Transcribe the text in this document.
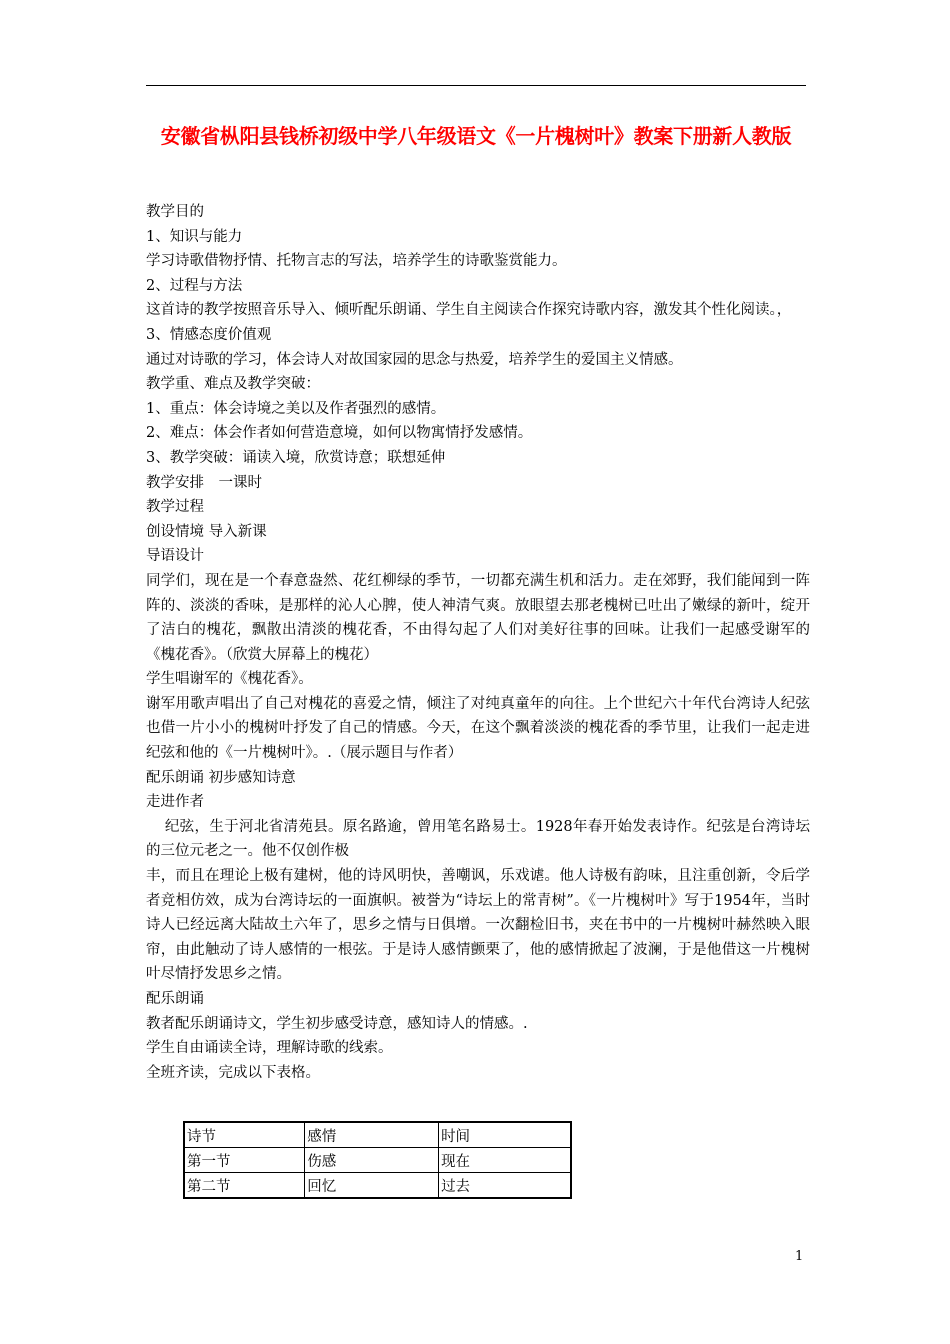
安徽省枞阳县钱桥初级中学八年级语文《一片槐树叶》教案下册新人教版
教学目的
1、知识与能力
学习诗歌借物抒情、托物言志的写法，培养学生的诗歌鉴赏能力。
2、过程与方法
这首诗的教学按照音乐导入、倾听配乐朗诵、学生自主阅读合作探究诗歌内容，激发其个性化阅读。，
3、情感态度价值观
通过对诗歌的学习，体会诗人对故国家园的思念与热爱，培养学生的爱国主义情感。
教学重、难点及教学突破：
1、重点：体会诗境之美以及作者强烈的感情。
2、难点：体会作者如何营造意境，如何以物寓情抒发感情。
3、教学突破：诵读入境，欣赏诗意；联想延伸
教学安排　一课时
教学过程
创设情境 导入新课
导语设计
同学们，现在是一个春意盎然、花红柳绿的季节，一切都充满生机和活力。走在郊野，我们能闻到一阵阵的、淡淡的香味，是那样的沁人心脾，使人神清气爽。放眼望去那老槐树已吐出了嫩绿的新叶，绽开了洁白的槐花，飘散出清淡的槐花香，不由得勾起了人们对美好往事的回味。让我们一起感受谢军的《槐花香》。（欣赏大屏幕上的槐花）
学生唱谢军的《槐花香》。
谢军用歌声唱出了自己对槐花的喜爱之情，倾注了对纯真童年的向往。上个世纪六十年代台湾诗人纪弦也借一片小小的槐树叶抒发了自己的情感。今天，在这个飘着淡淡的槐花香的季节里，让我们一起走进纪弦和他的《一片槐树叶》。.（展示题目与作者）
配乐朗诵 初步感知诗意
走进作者
纪弦，生于河北省清苑县。原名路逾，曾用笔名路易士。1928年春开始发表诗作。纪弦是台湾诗坛的三位元老之一。他不仅创作极
丰，而且在理论上极有建树，他的诗风明快，善嘲讽，乐戏谑。他人诗极有韵味，且注重创新，令后学者竞相仿效，成为台湾诗坛的一面旗帜。被誉为“诗坛上的常青树”。《一片槐树叶》写于1954年，当时诗人已经远离大陆故土六年了，思乡之情与日俱增。一次翻检旧书，夹在书中的一片槐树叶赫然映入眼帘，由此触动了诗人感情的一根弦。于是诗人感情颤栗了，他的感情掀起了波澜，于是他借这一片槐树叶尽情抒发思乡之情。
配乐朗诵
教者配乐朗诵诗文，学生初步感受诗意，感知诗人的情感。.
学生自由诵读全诗，理解诗歌的线索。
全班齐读，完成以下表格。
诗节	感情	时间
第一节	伤感	现在
第二节	回忆	过去
1
